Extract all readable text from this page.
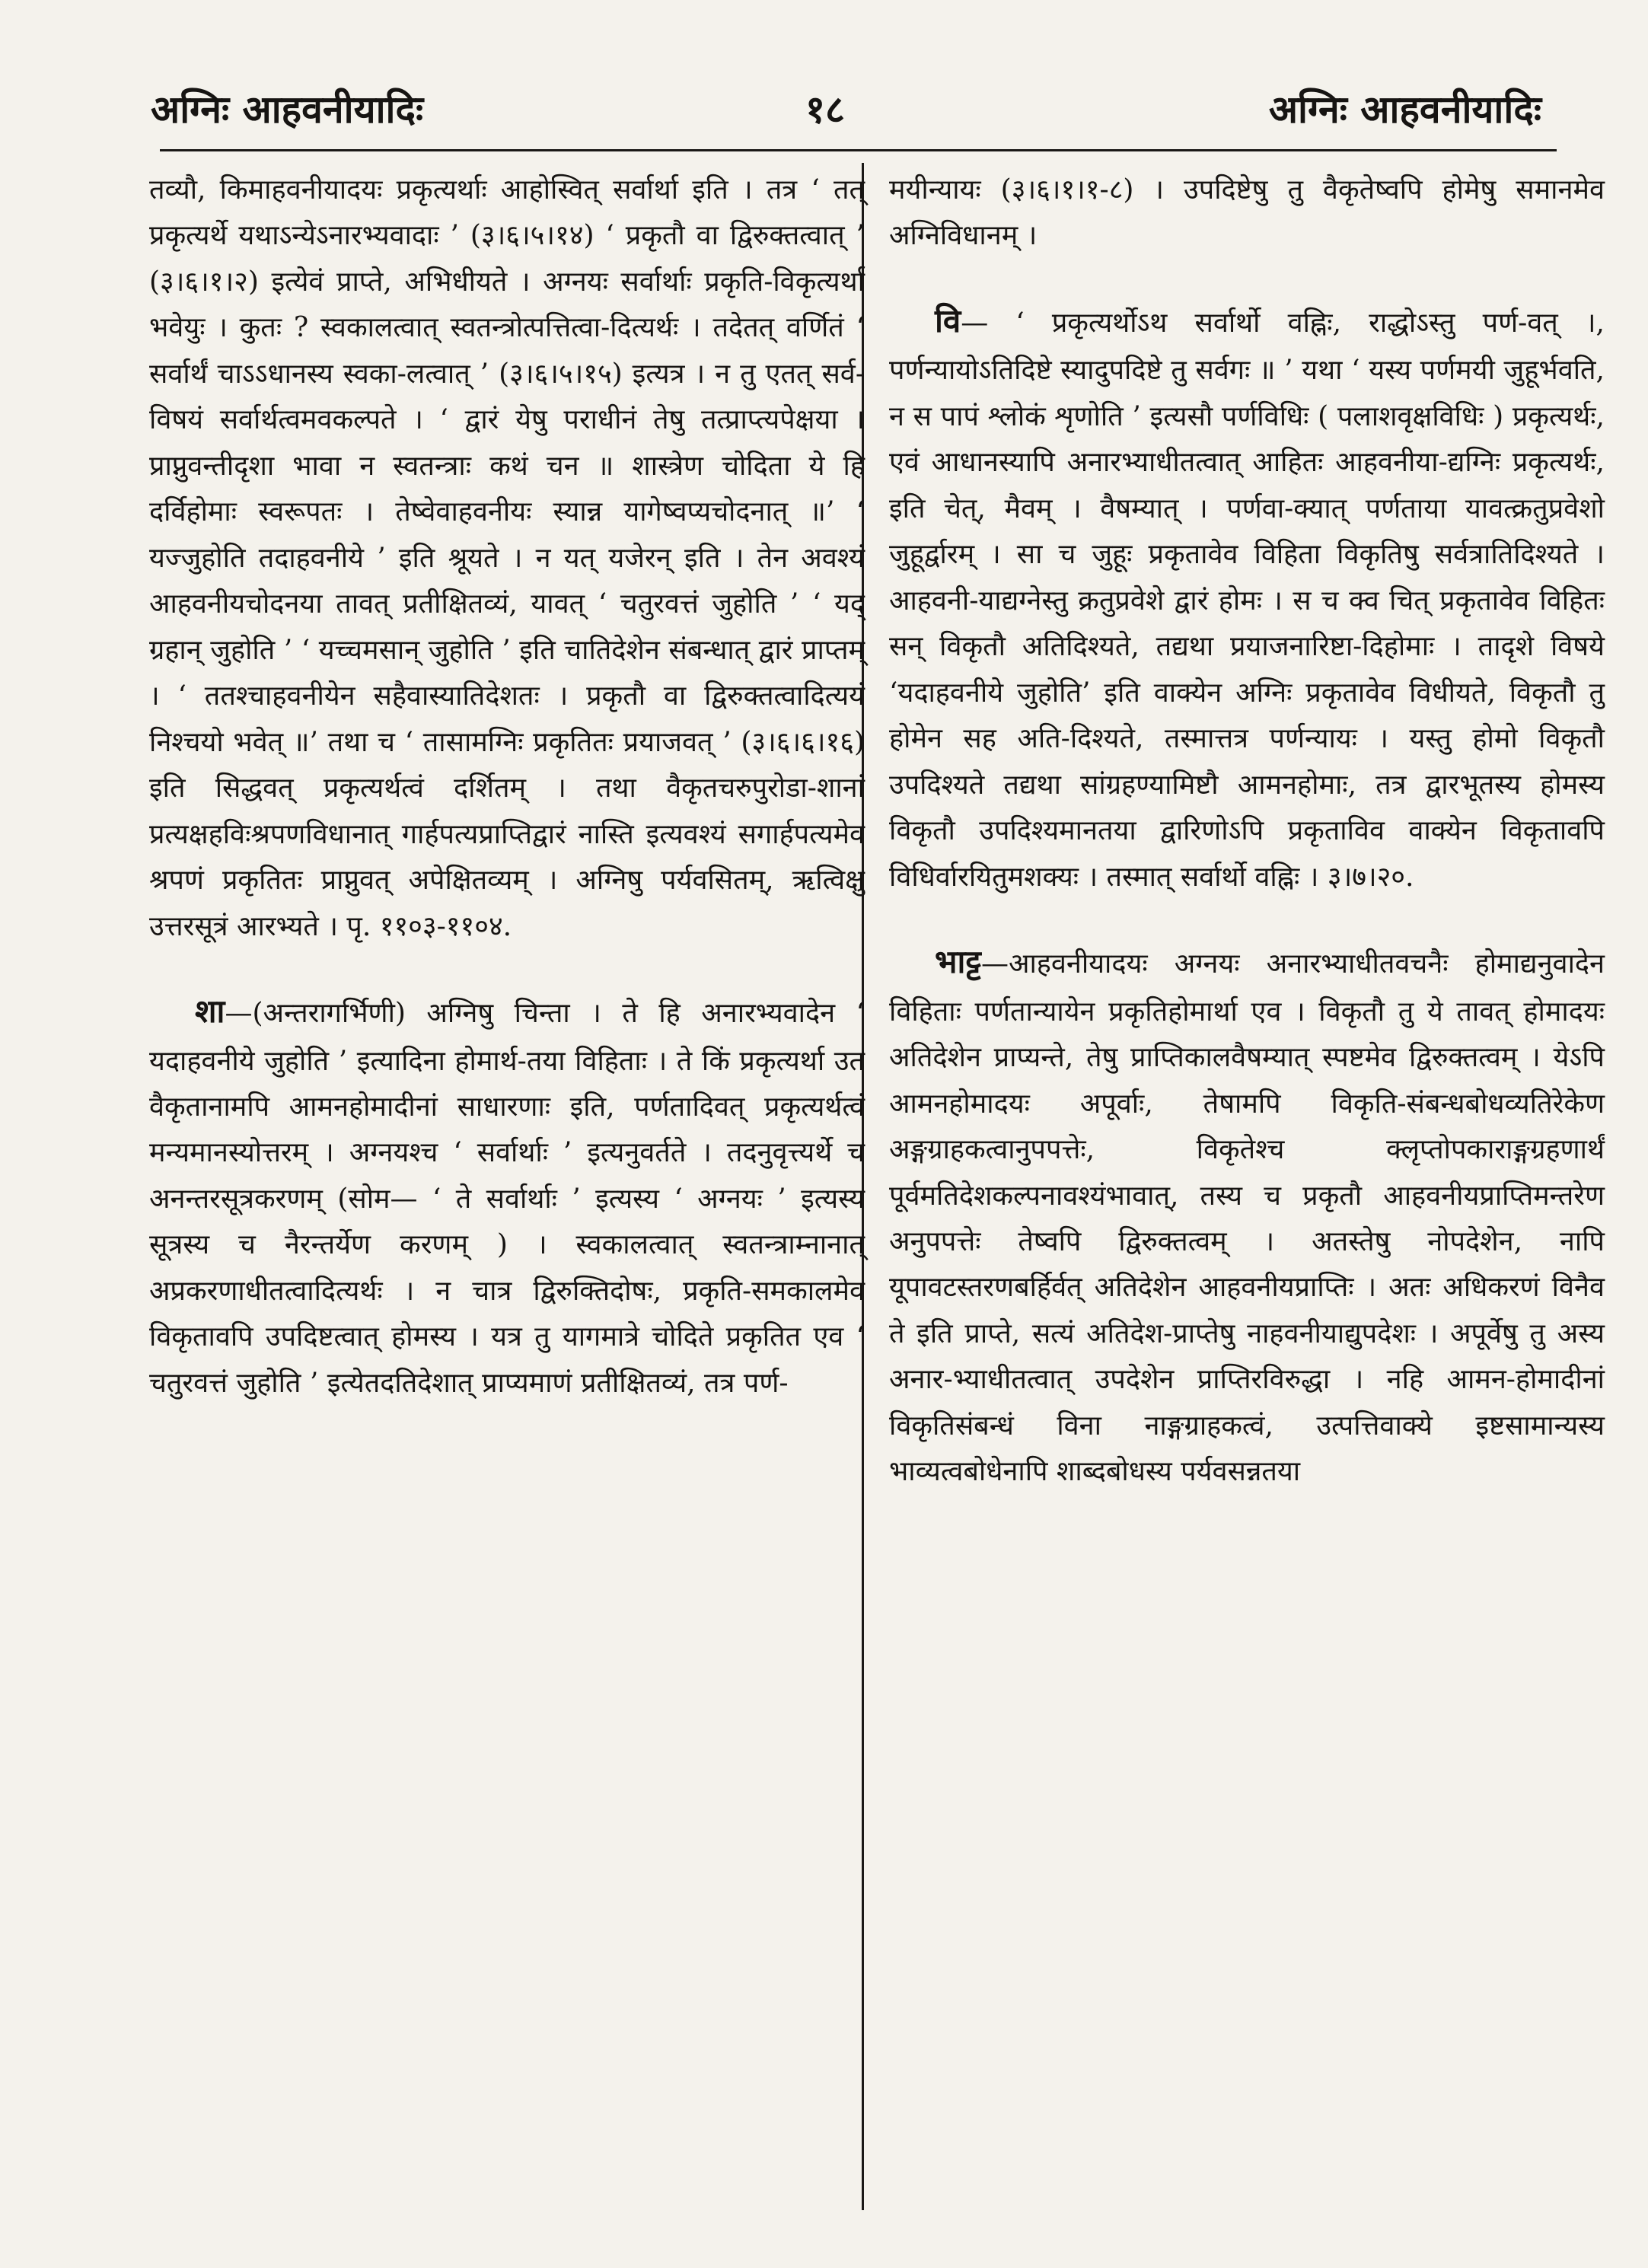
अग्निः आहवनीयादिः	१८	अग्निः आहवनीयादिः

तव्यौ, किमाहवनीयादयः प्रकृत्यर्थाः आहोस्वित् सर्वार्था इति । तत्र ‘ तत् प्रकृत्यर्थे यथाऽन्येऽनारभ्यवादाः ’ (३।६।५।१४) ‘ प्रकृतौ वा द्विरुक्तत्वात् ’ (३।६।१।२) इत्येवं प्राप्ते, अभिधीयते । अग्नयः सर्वार्थाः प्रकृति-विकृत्यर्था भवेयुः । कुतः ? स्वकालत्वात् स्वतन्त्रोत्पत्तित्वा-दित्यर्थः । तदेतत् वर्णितं ‘ सर्वार्थं चाऽऽधानस्य स्वका-लत्वात् ’ (३।६।५।१५) इत्यत्र । न तु एतत् सर्व-विषयं सर्वार्थत्वमवकल्पते । ‘ द्वारं येषु पराधीनं तेषु तत्प्राप्त्यपेक्षया । प्राप्नुवन्तीदृशा भावा न स्वतन्त्राः कथं चन ॥ शास्त्रेण चोदिता ये हि दर्विहोमाः स्वरूपतः । तेष्वेवाहवनीयः स्यान्न यागेष्वप्यचोदनात् ॥’ ‘ यज्जुहोति तदाहवनीये ’ इति श्रूयते । न यत् यजेरन् इति । तेन अवश्यं आहवनीयचोदनया तावत् प्रतीक्षितव्यं, यावत् ‘ चतुरवत्तं जुहोति ’ ‘ यद् ग्रहान् जुहोति ’ ‘ यच्चमसान् जुहोति ’ इति चातिदेशेन संबन्धात् द्वारं प्राप्तम् । ‘ ततश्चाहवनीयेन सहैवास्यातिदेशतः । प्रकृतौ वा द्विरुक्तत्वादित्ययं निश्चयो भवेत् ॥’ तथा च ‘ तासामग्निः प्रकृतितः प्रयाजवत् ’ (३।६।६।१६) इति सिद्धवत् प्रकृत्यर्थत्वं दर्शितम् । तथा वैकृतचरुपुरोडा-शानां प्रत्यक्षहविःश्रपणविधानात् गार्हपत्यप्राप्तिद्वारं नास्ति इत्यवश्यं सगार्हपत्यमेव श्रपणं प्रकृतितः प्राप्नुवत् अपेक्षितव्यम् । अग्निषु पर्यवसितम्, ऋत्विक्षु उत्तरसूत्रं आरभ्यते । पृ. ११०३-११०४.

शा—(अन्तरागर्भिणी) अग्निषु चिन्ता । ते हि अनारभ्यवादेन ‘ यदाहवनीये जुहोति ’ इत्यादिना होमार्थ-तया विहिताः । ते किं प्रकृत्यर्था उत वैकृतानामपि आमनहोमादीनां साधारणाः इति, पर्णतादिवत् प्रकृत्यर्थत्वं मन्यमानस्योत्तरम् । अग्नयश्च ‘ सर्वार्थाः ’ इत्यनुवर्तते । तदनुवृत्त्यर्थे च अनन्तरसूत्रकरणम् (सोम— ‘ ते सर्वार्थाः ’ इत्यस्य ‘ अग्नयः ’ इत्यस्य सूत्रस्य च नैरन्तर्येण करणम् ) । स्वकालत्वात् स्वतन्त्राम्नानात् अप्रकरणाधीतत्वादित्यर्थः । न चात्र द्विरुक्तिदोषः, प्रकृति-समकालमेव विकृतावपि उपदिष्टत्वात् होमस्य । यत्र तु यागमात्रे चोदिते प्रकृतित एव ‘ चतुरवत्तं जुहोति ’ इत्येतदतिदेशात् प्राप्यमाणं प्रतीक्षितव्यं, तत्र पर्ण-

मयीन्यायः (३।६।१।१-८) । उपदिष्टेषु तु वैकृतेष्वपि होमेषु समानमेव अग्निविधानम् ।

वि— ‘ प्रकृत्यर्थोऽथ सर्वार्थो वह्निः, राद्धोऽस्तु पर्ण-वत् ।, पर्णन्यायोऽतिदिष्टे स्यादुपदिष्टे तु सर्वगः ॥ ’ यथा ‘ यस्य पर्णमयी जुहूर्भवति, न स पापं श्लोकं शृणोति ’ इत्यसौ पर्णविधिः ( पलाशवृक्षविधिः ) प्रकृत्यर्थः, एवं आधानस्यापि अनारभ्याधीतत्वात् आहितः आहवनीया-द्यग्निः प्रकृत्यर्थः, इति चेत्, मैवम् । वैषम्यात् । पर्णवा-क्यात् पर्णताया यावत्क्रतुप्रवेशो जुहूर्द्वारम् । सा च जुहूः प्रकृतावेव विहिता विकृतिषु सर्वत्रातिदिश्यते । आहवनी-याद्यग्नेस्तु क्रतुप्रवेशे द्वारं होमः । स च क्व चित् प्रकृतावेव विहितः सन् विकृतौ अतिदिश्यते, तद्यथा प्रयाजनारिष्टा-दिहोमाः । तादृशे विषये ‘यदाहवनीये जुहोति’ इति वाक्येन अग्निः प्रकृतावेव विधीयते, विकृतौ तु होमेन सह अति-दिश्यते, तस्मात्तत्र पर्णन्यायः । यस्तु होमो विकृतौ उपदिश्यते तद्यथा सांग्रहण्यामिष्टौ आमनहोमाः, तत्र द्वारभूतस्य होमस्य विकृतौ उपदिश्यमानतया द्वारिणोऽपि प्रकृताविव वाक्येन विकृतावपि विधिर्वारयितुमशक्यः । तस्मात् सर्वार्थो वह्निः । ३।७।२०.

भाट्ट—आहवनीयादयः अग्नयः अनारभ्याधीतवचनैः होमाद्यनुवादेन विहिताः पर्णतान्यायेन प्रकृतिहोमार्था एव । विकृतौ तु ये तावत् होमादयः अतिदेशेन प्राप्यन्ते, तेषु प्राप्तिकालवैषम्यात् स्पष्टमेव द्विरुक्तत्वम् । येऽपि आमनहोमादयः अपूर्वाः, तेषामपि विकृति-संबन्धबोधव्यतिरेकेण अङ्गग्राहकत्वानुपपत्तेः, विकृतेश्च क्लृप्तोपकाराङ्गग्रहणार्थं पूर्वमतिदेशकल्पनावश्यंभावात्, तस्य च प्रकृतौ आहवनीयप्राप्तिमन्तरेण अनुपपत्तेः तेष्वपि द्विरुक्तत्वम् । अतस्तेषु नोपदेशेन, नापि यूपावटस्तरणबर्हिर्वत् अतिदेशेन आहवनीयप्राप्तिः । अतः अधिकरणं विनैव ते इति प्राप्ते, सत्यं अतिदेश-प्राप्तेषु नाहवनीयाद्युपदेशः । अपूर्वेषु तु अस्य अनार-भ्याधीतत्वात् उपदेशेन प्राप्तिरविरुद्धा । नहि आमन-होमादीनां विकृतिसंबन्धं विना नाङ्गग्राहकत्वं, उत्पत्तिवाक्ये इष्टसामान्यस्य भाव्यत्वबोधेनापि शाब्दबोधस्य पर्यवसन्नतया
